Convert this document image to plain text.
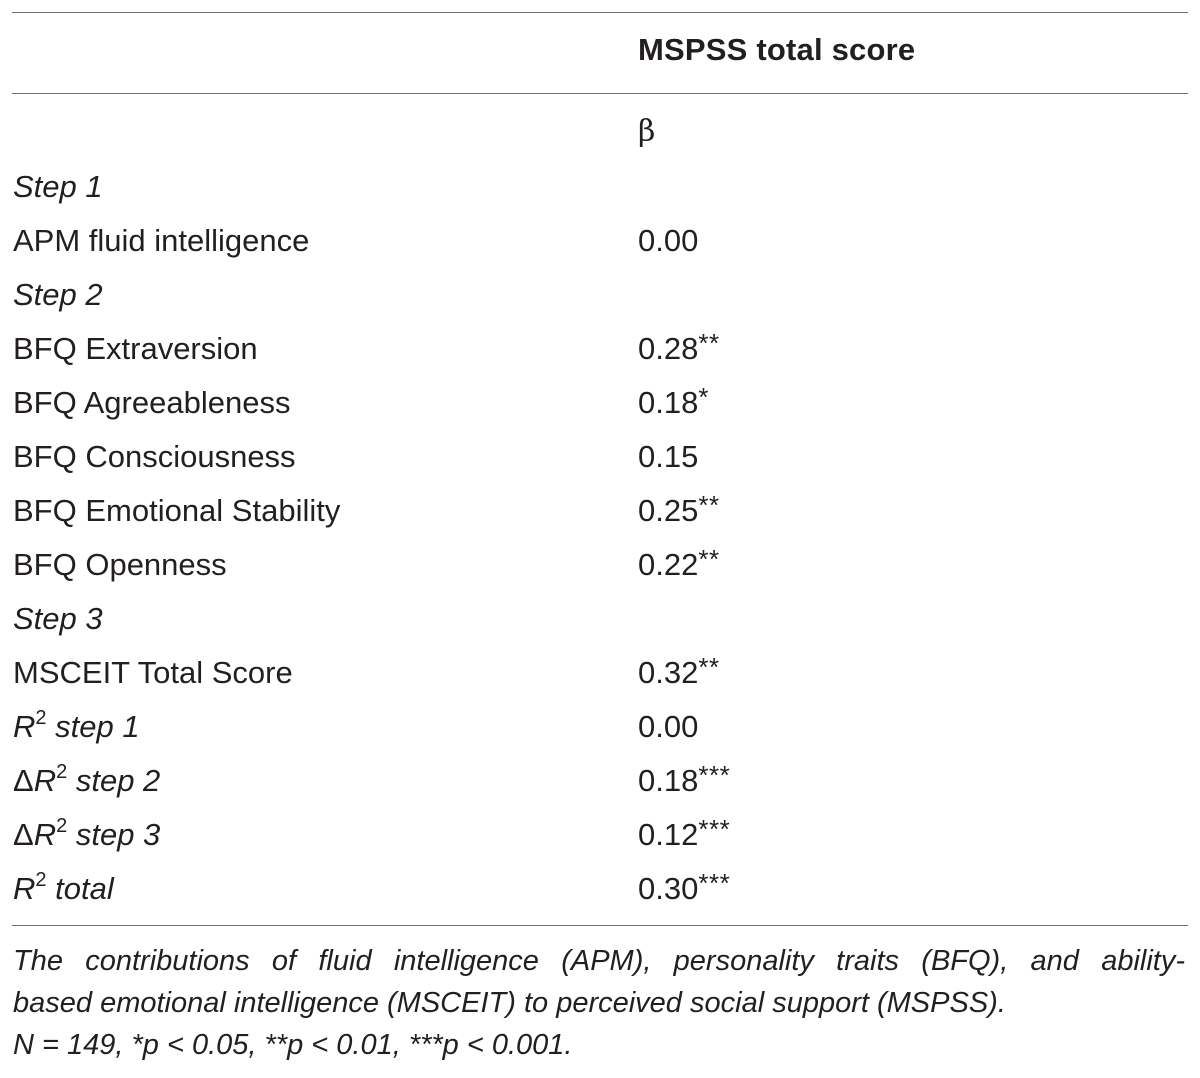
MSPSS total score
β
Step 1
APM fluid intelligence	0.00
Step 2
BFQ Extraversion	0.28**
BFQ Agreeableness	0.18*
BFQ Consciousness	0.15
BFQ Emotional Stability	0.25**
BFQ Openness	0.22**
Step 3
MSCEIT Total Score	0.32**
$R^2$ step 1	0.00
$\Delta R^2$ step 2	0.18***
$\Delta R^2$ step 3	0.12***
$R^2$ total	0.30***
The contributions of fluid intelligence (APM), personality traits (BFQ), and ability-
based emotional intelligence (MSCEIT) to perceived social support (MSPSS).
N = 149, *p < 0.05, **p < 0.01, ***p < 0.001.
